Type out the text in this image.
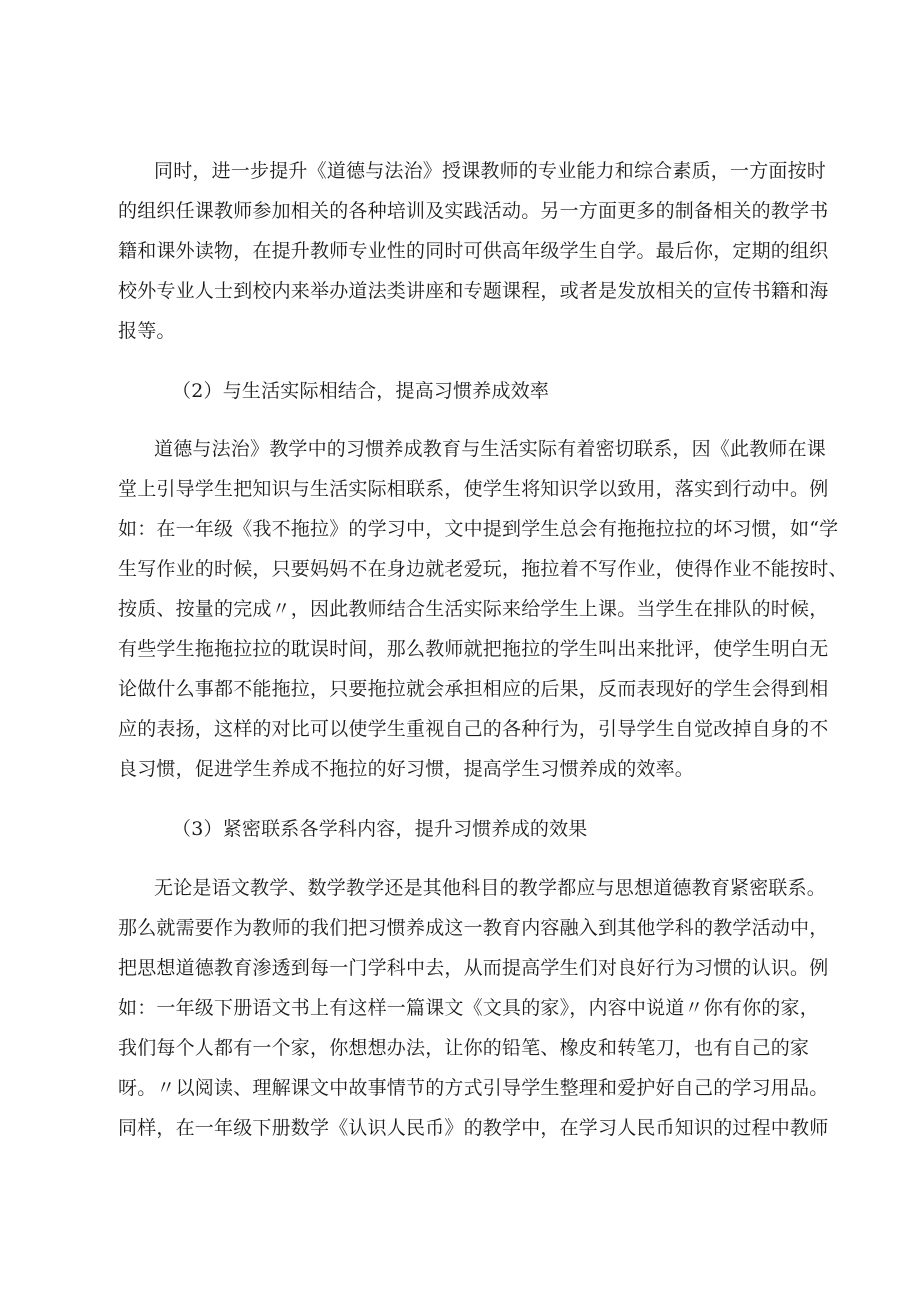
同时，进一步提升《道德与法治》授课教师的专业能力和综合素质，一方面按时
的组织任课教师参加相关的各种培训及实践活动。另一方面更多的制备相关的教学书
籍和课外读物，在提升教师专业性的同时可供高年级学生自学。最后你，定期的组织
校外专业人士到校内来举办道法类讲座和专题课程，或者是发放相关的宣传书籍和海
报等。
（2）与生活实际相结合，提高习惯养成效率
道德与法治》教学中的习惯养成教育与生活实际有着密切联系，因《此教师在课
堂上引导学生把知识与生活实际相联系，使学生将知识学以致用，落实到行动中。例
如：在一年级《我不拖拉》的学习中，文中提到学生总会有拖拖拉拉的坏习惯，如“学
生写作业的时候，只要妈妈不在身边就老爱玩，拖拉着不写作业，使得作业不能按时、
按质、按量的完成〃，因此教师结合生活实际来给学生上课。当学生在排队的时候，
有些学生拖拖拉拉的耽误时间，那么教师就把拖拉的学生叫出来批评，使学生明白无
论做什么事都不能拖拉，只要拖拉就会承担相应的后果，反而表现好的学生会得到相
应的表扬，这样的对比可以使学生重视自己的各种行为，引导学生自觉改掉自身的不
良习惯，促进学生养成不拖拉的好习惯，提高学生习惯养成的效率。
（3）紧密联系各学科内容，提升习惯养成的效果
无论是语文教学、数学教学还是其他科目的教学都应与思想道德教育紧密联系。
那么就需要作为教师的我们把习惯养成这一教育内容融入到其他学科的教学活动中，
把思想道德教育渗透到每一门学科中去，从而提高学生们对良好行为习惯的认识。例
如：一年级下册语文书上有这样一篇课文《文具的家》，内容中说道〃你有你的家，
我们每个人都有一个家，你想想办法，让你的铅笔、橡皮和转笔刀，也有自己的家
呀。〃以阅读、理解课文中故事情节的方式引导学生整理和爱护好自己的学习用品。
同样，在一年级下册数学《认识人民币》的教学中，在学习人民币知识的过程中教师
